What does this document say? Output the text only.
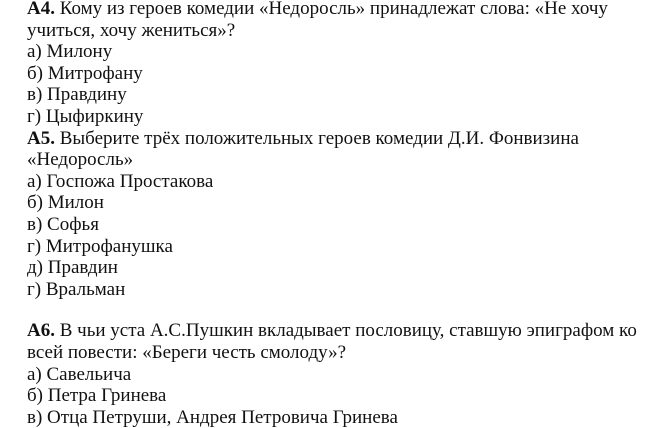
А4. Кому из героев комедии «Недоросль» принадлежат слова: «Не хочу учиться, хочу жениться»?
а) Милону
б) Митрофану
в) Правдину
г) Цыфиркину
А5. Выберите трёх положительных героев комедии Д.И. Фонвизина «Недоросль»
а) Госпожа Простакова
б) Милон
в) Софья
г) Митрофанушка
д) Правдин
г) Вральман
А6. В чьи уста А.С.Пушкин вкладывает пословицу, ставшую эпиграфом ко всей повести: «Береги честь смолоду»?
а) Савельича
б) Петра Гринева
в) Отца Петруши, Андрея Петровича Гринева
